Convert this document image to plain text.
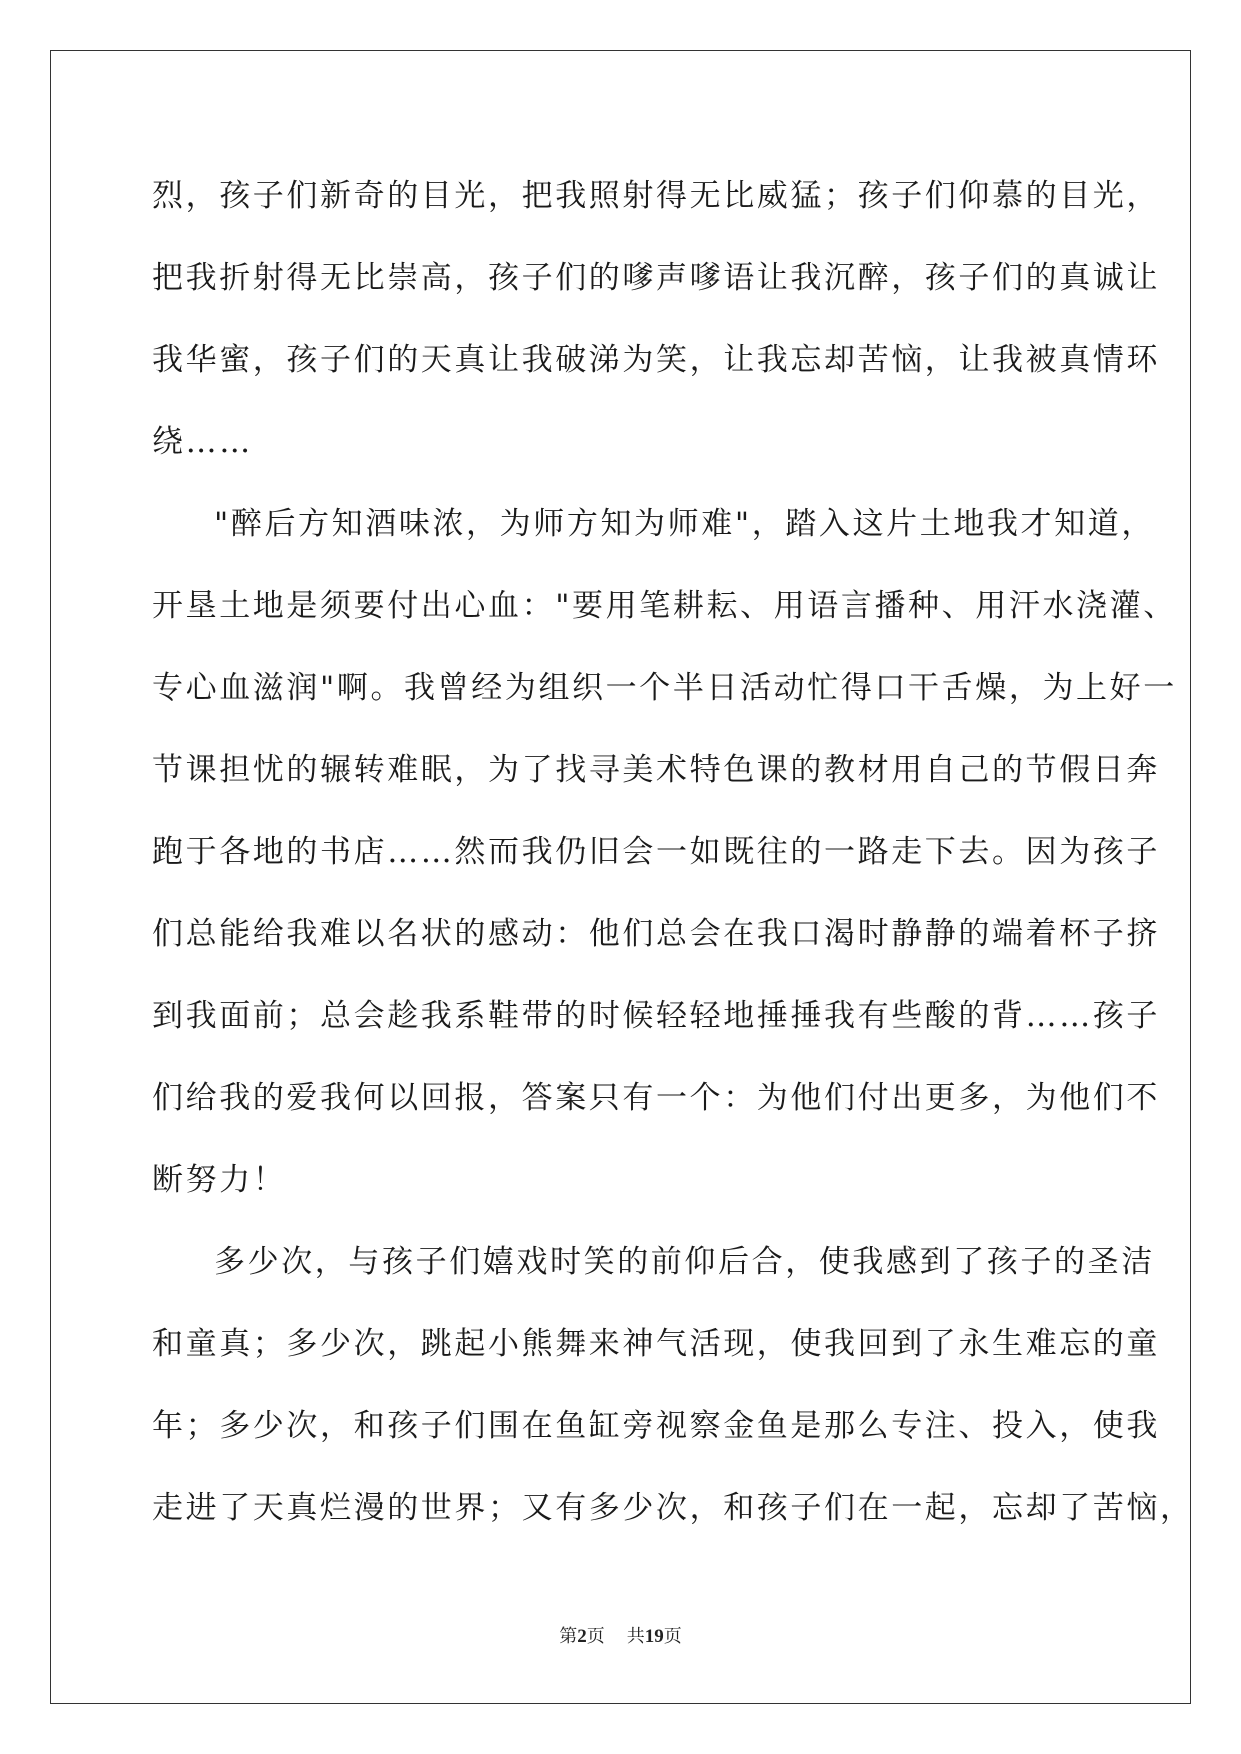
烈，孩子们新奇的目光，把我照射得无比威猛；孩子们仰慕的目光，
把我折射得无比崇高，孩子们的嗲声嗲语让我沉醉，孩子们的真诚让
我华蜜，孩子们的天真让我破涕为笑，让我忘却苦恼，让我被真情环
绕……
"醉后方知酒味浓，为师方知为师难"，踏入这片土地我才知道，
开垦土地是须要付出心血："要用笔耕耘、用语言播种、用汗水浇灌、
专心血滋润"啊。我曾经为组织一个半日活动忙得口干舌燥，为上好一
节课担忧的辗转难眠，为了找寻美术特色课的教材用自己的节假日奔
跑于各地的书店……然而我仍旧会一如既往的一路走下去。因为孩子
们总能给我难以名状的感动：他们总会在我口渴时静静的端着杯子挤
到我面前；总会趁我系鞋带的时候轻轻地捶捶我有些酸的背……孩子
们给我的爱我何以回报，答案只有一个：为他们付出更多，为他们不
断努力！
多少次，与孩子们嬉戏时笑的前仰后合，使我感到了孩子的圣洁
和童真；多少次，跳起小熊舞来神气活现，使我回到了永生难忘的童
年；多少次，和孩子们围在鱼缸旁视察金鱼是那么专注、投入，使我
走进了天真烂漫的世界；又有多少次，和孩子们在一起，忘却了苦恼，
第2页 共19页
